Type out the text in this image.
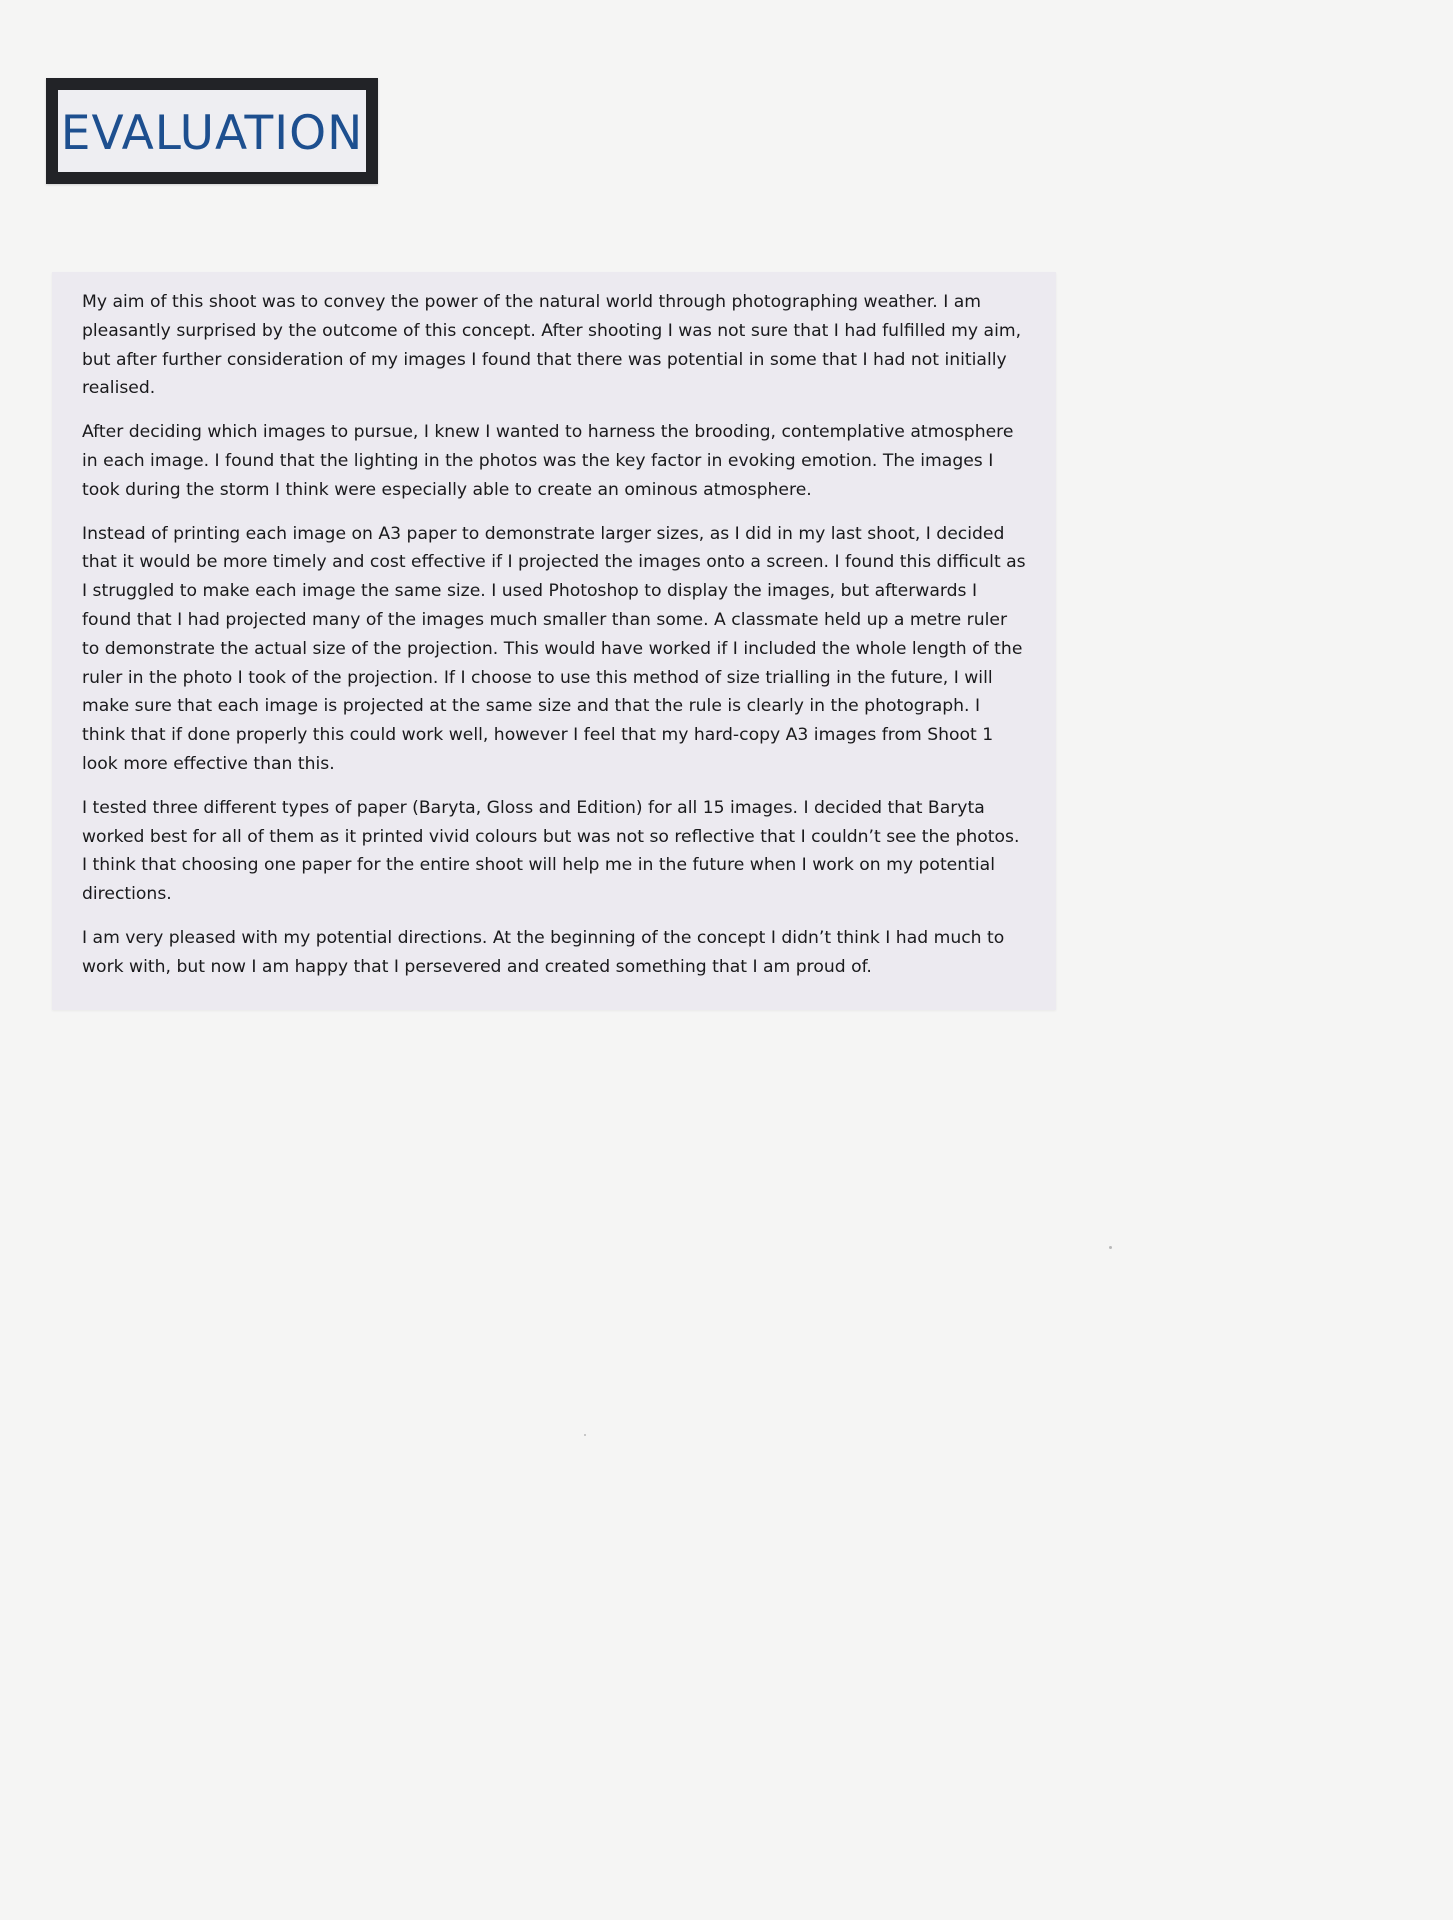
EVALUATION

My aim of this shoot was to convey the power of the natural world through photographing weather. I am pleasantly surprised by the outcome of this concept. After shooting I was not sure that I had fulfilled my aim, but after further consideration of my images I found that there was potential in some that I had not initially realised.

After deciding which images to pursue, I knew I wanted to harness the brooding, contemplative atmosphere in each image. I found that the lighting in the photos was the key factor in evoking emotion. The images I took during the storm I think were especially able to create an ominous atmosphere.

Instead of printing each image on A3 paper to demonstrate larger sizes, as I did in my last shoot, I decided that it would be more timely and cost effective if I projected the images onto a screen. I found this difficult as I struggled to make each image the same size. I used Photoshop to display the images, but afterwards I found that I had projected many of the images much smaller than some. A classmate held up a metre ruler to demonstrate the actual size of the projection. This would have worked if I included the whole length of the ruler in the photo I took of the projection. If I choose to use this method of size trialling in the future, I will make sure that each image is projected at the same size and that the rule is clearly in the photograph. I think that if done properly this could work well, however I feel that my hard-copy A3 images from Shoot 1 look more effective than this.

I tested three different types of paper (Baryta, Gloss and Edition) for all 15 images. I decided that Baryta worked best for all of them as it printed vivid colours but was not so reflective that I couldn’t see the photos. I think that choosing one paper for the entire shoot will help me in the future when I work on my potential directions.

I am very pleased with my potential directions. At the beginning of the concept I didn’t think I had much to work with, but now I am happy that I persevered and created something that I am proud of.
